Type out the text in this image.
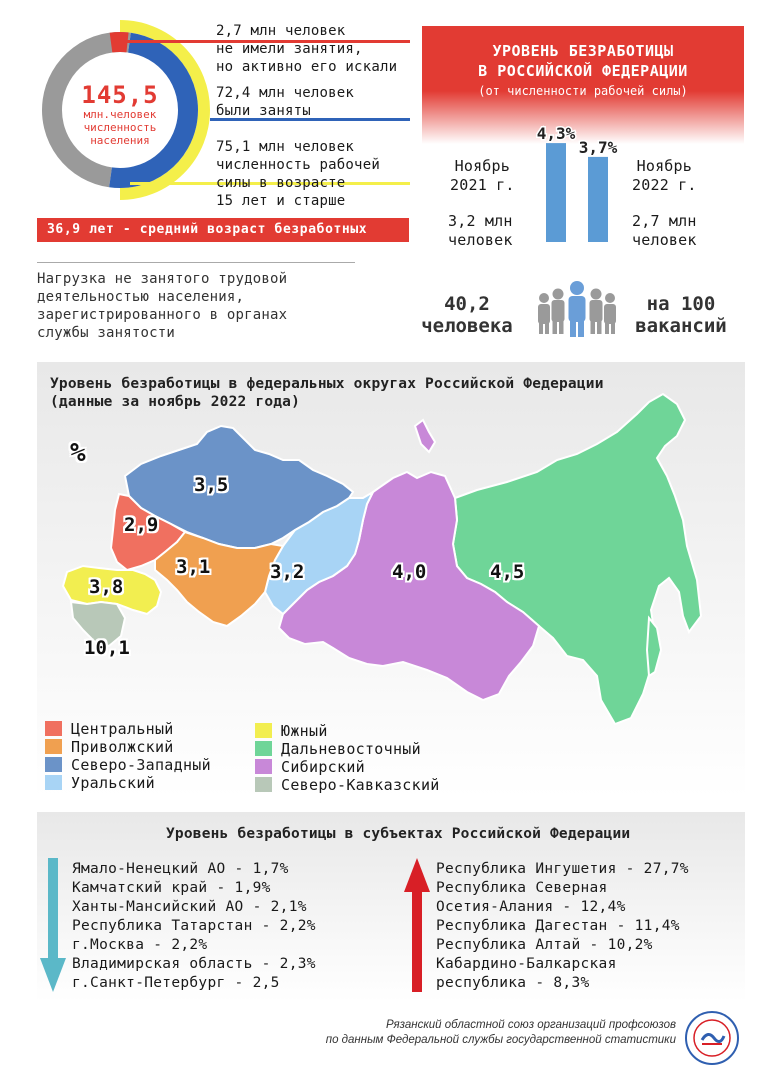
145,5
млн.человек
численность
населения
2,7 млн человек
не имели занятия,
но активно его искали
72,4 млн человек
были заняты
75,1 млн человек
численность рабочей
силы в возрасте
15 лет и старше
36,9 лет - средний возраст безработных
УРОВЕНЬ БЕЗРАБОТИЦЫ
В РОССИЙСКОЙ ФЕДЕРАЦИИ
(от численности рабочей силы)
Ноябрь
2021 г.
3,2 млн
человек
4,3%
3,7%
Ноябрь
2022 г.
2,7 млн
человек
Нагрузка не занятого трудовой
деятельностью населения,
зарегистрированного в органах
службы занятости
40,2
человека
на 100
вакансий
Уровень безработицы в федеральных округах Российской Федерации
(данные за ноябрь 2022 года)
%
3,5
2,9
3,1	3,2	4,0	4,5
3,8
10,1
Центральный
Приволжский
Северо-Западный
Уральский
Южный
Дальневосточный
Сибирский
Северо-Кавказский
Уровень безработицы в субъектах Российской Федерации
Ямало-Ненецкий АО - 1,7%
Камчатский край - 1,9%
Ханты-Мансийский АО - 2,1%
Республика Татарстан - 2,2%
г.Москва - 2,2%
Владимирская область - 2,3%
г.Санкт-Петербург - 2,5
Республика Ингушетия - 27,7%
Республика Северная
Осетия-Алания - 12,4%
Республика Дагестан - 11,4%
Республика Алтай - 10,2%
Кабардино-Балкарская
республика - 8,3%
Рязанский областной союз организаций профсоюзов
по данным Федеральной службы государственной статистики
